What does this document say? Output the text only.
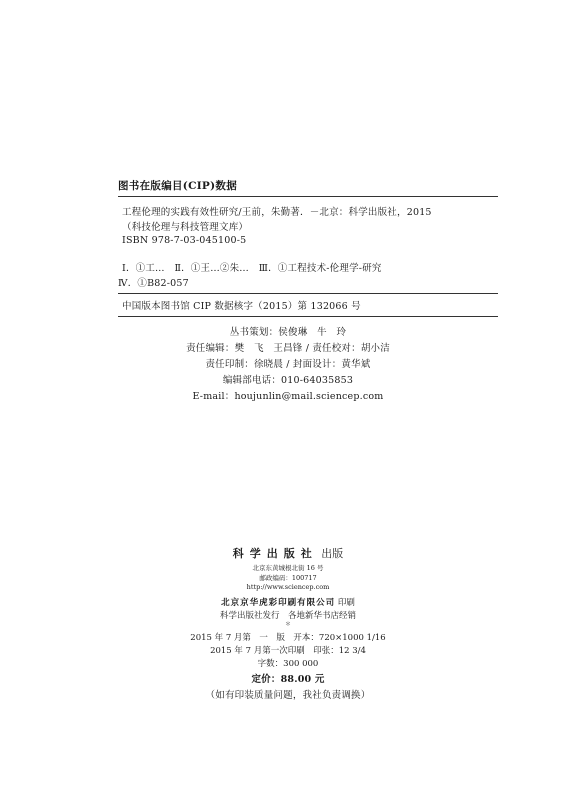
图书在版编目(CIP)数据
工程伦理的实践有效性研究/王前，朱勤著．－北京：科学出版社，2015
（科技伦理与科技管理文库）
ISBN 978-7-03-045100-5
Ⅰ．①工…　Ⅱ．①王…②朱…　Ⅲ．①工程技术-伦理学-研究
Ⅳ．①B82-057
中国版本图书馆 CIP 数据核字（2015）第 132066 号
丛书策划：侯俊琳　牛　玲
责任编辑：樊　飞　王昌锋 / 责任校对：胡小洁
责任印制：徐晓晨 / 封面设计：黄华斌
编辑部电话：010-64035853
E-mail：houjunlin@mail.sciencep.com
科学出版社 出版
北京东黄城根北街 16 号
邮政编码：100717
http://www.sciencep.com
北京京华虎彩印刷有限公司 印刷
科学出版社发行　各地新华书店经销
＊
2015 年 7 月第　一　版　开本：720×1000 1/16
2015 年 7 月第一次印刷　印张：12 3/4
字数：300 000
定价：88.00 元
（如有印装质量问题，我社负责调换）
